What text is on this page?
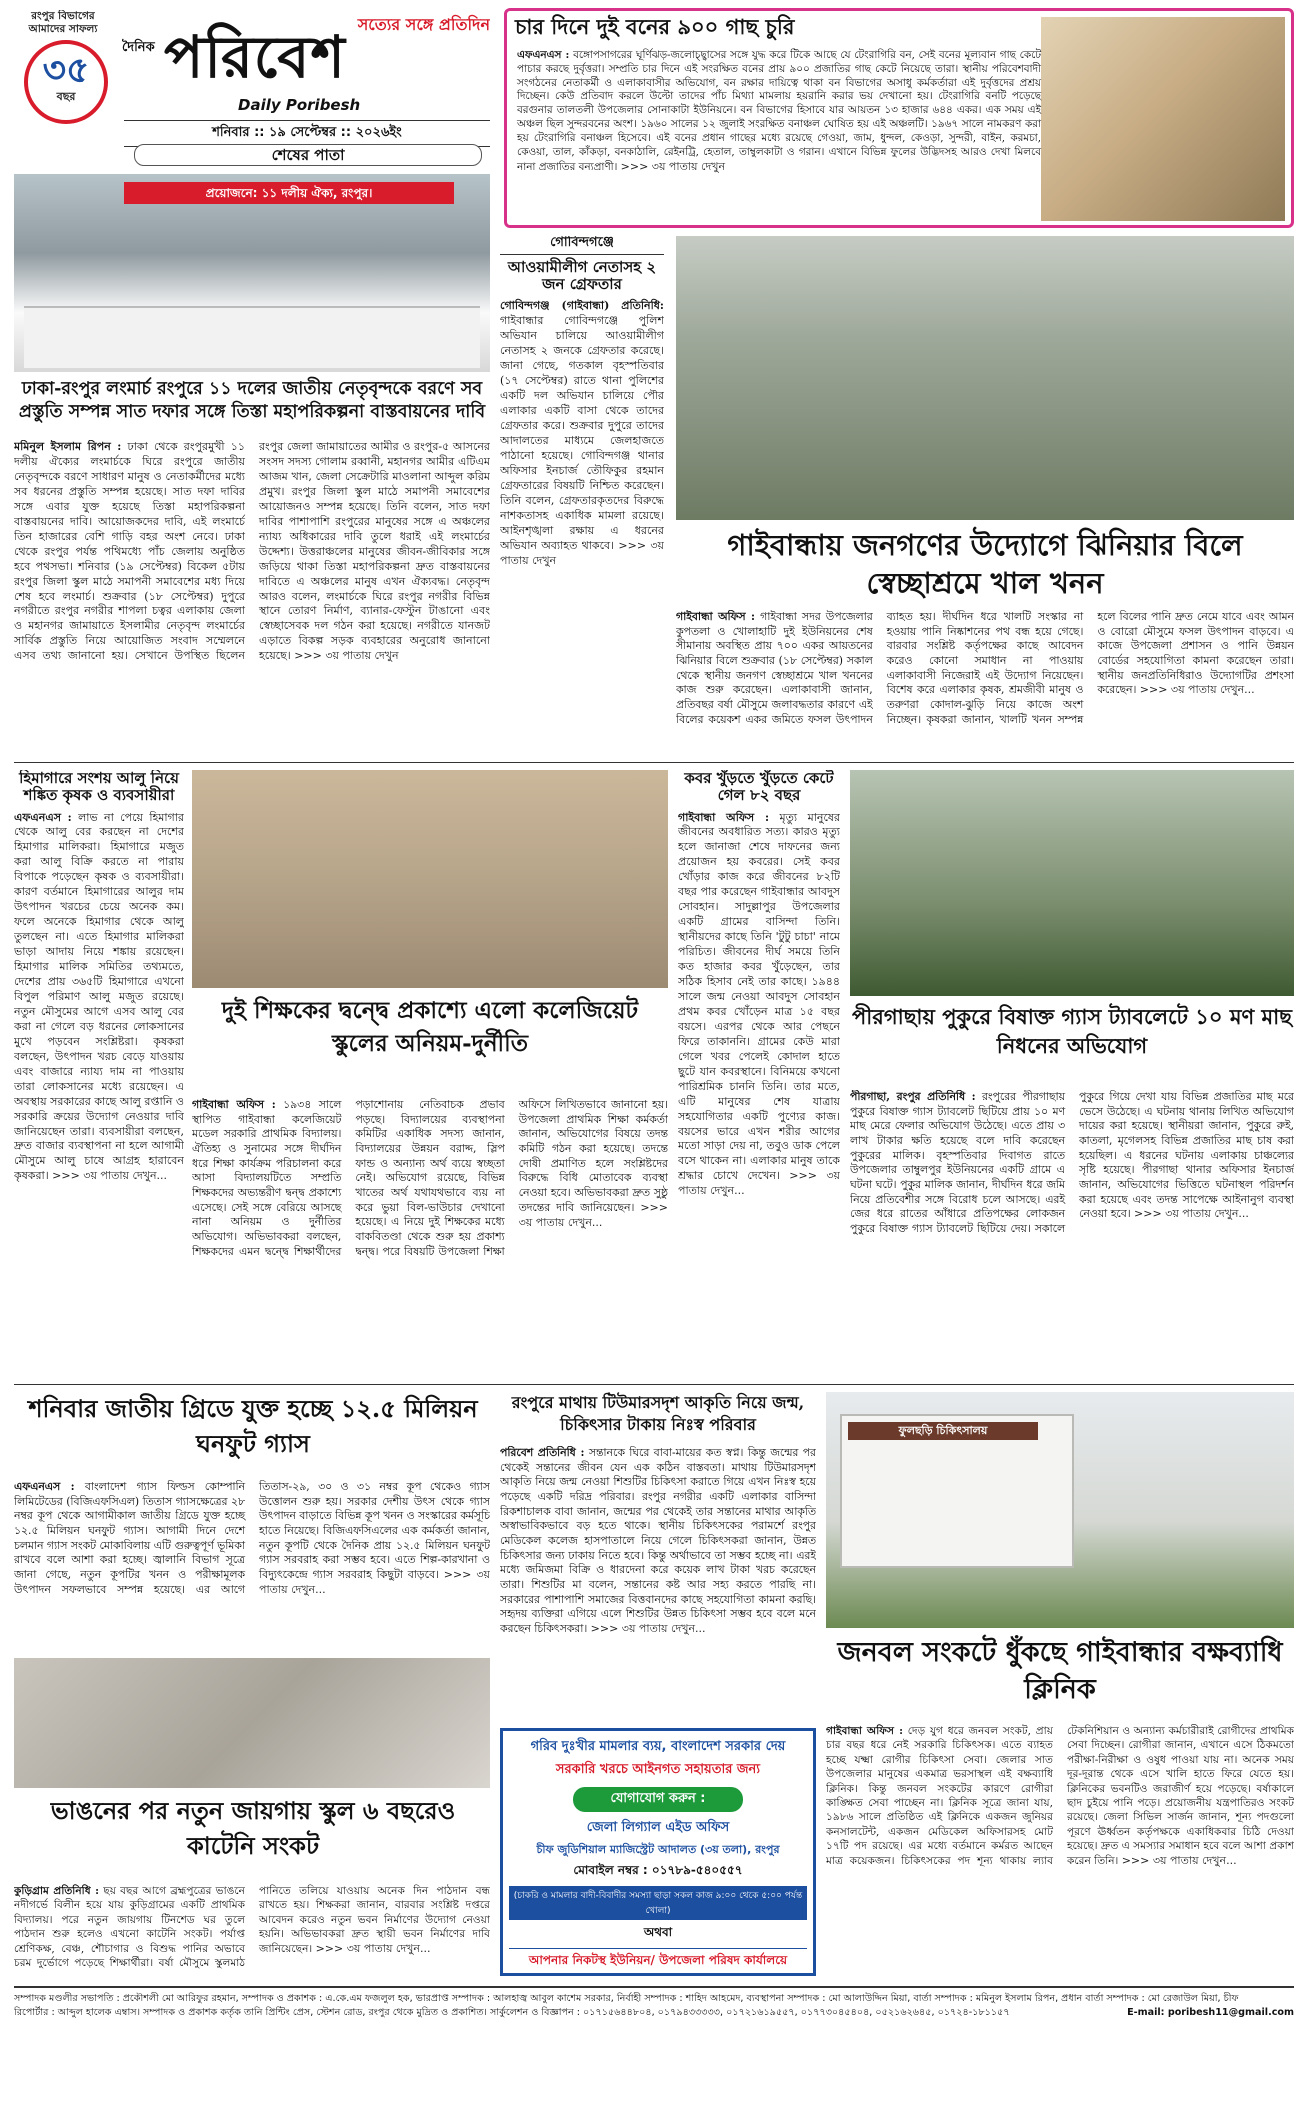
রংপুর বিভাগের আমাদের সাফল্য
৩৫
বছর
সত্যের সঙ্গে প্রতিদিন
দৈনিক পরিবেশ
Daily Poribesh
শনিবার :: ১৯ সেপ্টেম্বর :: ২০২৬ইং
শেষের পাতা
চার দিনে দুই বনের ৯০০ গাছ চুরি
এফএনএস : বঙ্গোপসাগরের ঘূর্ণিঝড়-জলোচ্ছ্বাসের সঙ্গে যুদ্ধ করে টিকে আছে যে টেংরাগিরি বন, সেই বনের মূল্যবান গাছ কেটে পাচার করছে দুর্বৃত্তরা। সম্প্রতি চার দিনে এই সংরক্ষিত বনের প্রায় ৯০০ প্রজাতির গাছ কেটে নিয়েছে তারা। স্থানীয় পরিবেশবাদী সংগঠনের নেতাকর্মী ও এলাকাবাসীর অভিযোগ, বন রক্ষার দায়িত্বে থাকা বন বিভাগের অসাধু কর্মকর্তারা এই দুর্বৃত্তদের প্রশ্রয় দিচ্ছেন। কেউ প্রতিবাদ করলে উল্টো তাদের পাঁচ মিথ্যা মামলায় হয়রানি করার ভয় দেখানো হয়। টেংরাগিরি বনটি পড়েছে বরগুনার তালতলী উপজেলার সোনাকাটা ইউনিয়নে। বন বিভাগের হিসাবে যার আয়তন ১৩ হাজার ৬৪৪ একর। এক সময় এই অঞ্চল ছিল সুন্দরবনের অংশ। ১৯৬০ সালের ১২ জুলাই সংরক্ষিত বনাঞ্চল ঘোষিত হয় এই অঞ্চলটি। ১৯৬৭ সালে নামকরণ করা হয় টেংরাগিরি বনাঞ্চল হিসেবে। এই বনের প্রধান গাছের মধ্যে রয়েছে গেওয়া, জাম, ধুন্দল, কেওড়া, সুন্দরী, বাইন, করমচা, কেওয়া, তাল, কাঁকড়া, বনকাঠালি, রেইনট্রি, হেতাল, তাম্বুলকাটা ও গরান। এখানে বিভিন্ন ফুলের উদ্ভিদসহ আরও দেখা মিলবে নানা প্রজাতির বন্যপ্রাণী। >>> ৩য় পাতায় দেখুন
প্রয়োজনে: ১১ দলীয় ঐক্য, রংপুর।
ঢাকা-রংপুর লংমার্চ রংপুরে ১১ দলের জাতীয় নেতৃবৃন্দকে বরণে সব প্রস্তুতি সম্পন্ন সাত দফার সঙ্গে তিস্তা মহাপরিকল্পনা বাস্তবায়নের দাবি
মমিনুল ইসলাম রিপন : ঢাকা থেকে রংপুরমুখী ১১ দলীয় ঐক্যের লংমার্চকে ঘিরে রংপুরে জাতীয় নেতৃবৃন্দকে বরণে সাধারণ মানুষ ও নেতাকর্মীদের মধ্যে সব ধরনের প্রস্তুতি সম্পন্ন হয়েছে। সাত দফা দাবির সঙ্গে এবার যুক্ত হয়েছে তিস্তা মহাপরিকল্পনা বাস্তবায়নের দাবি। আয়োজকদের দাবি, এই লংমার্চে তিন হাজারের বেশি গাড়ি বহর অংশ নেবে। ঢাকা থেকে রংপুর পর্যন্ত পথিমধ্যে পাঁচ জেলায় অনুষ্ঠিত হবে পথসভা। শনিবার (১৯ সেপ্টেম্বর) বিকেল ৫টায় রংপুর জিলা স্কুল মাঠে সমাপনী সমাবেশের মধ্য দিয়ে শেষ হবে লংমার্চ। শুক্রবার (১৮ সেপ্টেম্বর) দুপুরে নগরীতে রংপুর নগরীর শাপলা চত্বর এলাকায় জেলা ও মহানগর জামায়াতে ইসলামীর নেতৃবৃন্দ লংমার্চের সার্বিক প্রস্তুতি নিয়ে আয়োজিত সংবাদ সম্মেলনে এসব তথ্য জানানো হয়। সেখানে উপস্থিত ছিলেন রংপুর জেলা জামায়াতের আমীর ও রংপুর-৫ আসনের সংসদ সদস্য গোলাম রব্বানী, মহানগর আমীর এটিএম আজম খান, জেলা সেক্রেটারি মাওলানা আব্দুল করিম প্রমুখ। রংপুর জিলা স্কুল মাঠে সমাপনী সমাবেশের আয়োজনও সম্পন্ন হয়েছে। তিনি বলেন, সাত দফা দাবির পাশাপাশি রংপুরের মানুষের সঙ্গে এ অঞ্চলের ন্যায্য অধিকারের দাবি তুলে ধরাই এই লংমার্চের উদ্দেশ্য। উত্তরাঞ্চলের মানুষের জীবন-জীবিকার সঙ্গে জড়িয়ে থাকা তিস্তা মহাপরিকল্পনা দ্রুত বাস্তবায়নের দাবিতে এ অঞ্চলের মানুষ এখন ঐক্যবদ্ধ। নেতৃবৃন্দ আরও বলেন, লংমার্চকে ঘিরে রংপুর নগরীর বিভিন্ন স্থানে তোরণ নির্মাণ, ব্যানার-ফেস্টুন টাঙানো এবং স্বেচ্ছাসেবক দল গঠন করা হয়েছে। নগরীতে যানজট এড়াতে বিকল্প সড়ক ব্যবহারের অনুরোধ জানানো হয়েছে। >>> ৩য় পাতায় দেখুন
গোবিন্দগঞ্জে
আওয়ামীলীগ নেতাসহ ২ জন গ্রেফতার
গোবিন্দগঞ্জ (গাইবান্ধা) প্রতিনিধি: গাইবান্ধার গোবিন্দগঞ্জে পুলিশ অভিযান চালিয়ে আওয়ামীলীগ নেতাসহ ২ জনকে গ্রেফতার করেছে। জানা গেছে, গতকাল বৃহস্পতিবার (১৭ সেপ্টেম্বর) রাতে থানা পুলিশের একটি দল অভিযান চালিয়ে পৌর এলাকার একটি বাসা থেকে তাদের গ্রেফতার করে। শুক্রবার দুপুরে তাদের আদালতের মাধ্যমে জেলহাজতে পাঠানো হয়েছে। গোবিন্দগঞ্জ থানার অফিসার ইনচার্জ তৌফিকুর রহমান গ্রেফতারের বিষয়টি নিশ্চিত করেছেন। তিনি বলেন, গ্রেফতারকৃতদের বিরুদ্ধে নাশকতাসহ একাধিক মামলা রয়েছে। আইনশৃঙ্খলা রক্ষায় এ ধরনের অভিযান অব্যাহত থাকবে। >>> ৩য় পাতায় দেখুন	গাইবান্ধায় জনগণের উদ্যোগে ঝিনিয়ার বিলে স্বেচ্ছাশ্রমে খাল খনন
গাইবান্ধা অফিস : গাইবান্ধা সদর উপজেলার কুপতলা ও খোলাহাটি দুই ইউনিয়নের শেষ সীমানায় অবস্থিত প্রায় ৭০০ একর আয়তনের ঝিনিয়ার বিলে শুক্রবার (১৮ সেপ্টেম্বর) সকাল থেকে স্থানীয় জনগণ স্বেচ্ছাশ্রমে খাল খননের কাজ শুরু করেছেন। এলাকাবাসী জানান, প্রতিবছর বর্ষা মৌসুমে জলাবদ্ধতার কারণে এই বিলের কয়েকশ একর জমিতে ফসল উৎপাদন ব্যাহত হয়। দীর্ঘদিন ধরে খালটি সংস্কার না হওয়ায় পানি নিষ্কাশনের পথ বন্ধ হয়ে গেছে। বারবার সংশ্লিষ্ট কর্তৃপক্ষের কাছে আবেদন করেও কোনো সমাধান না পাওয়ায় এলাকাবাসী নিজেরাই এই উদ্যোগ নিয়েছেন। বিশেষ করে এলাকার কৃষক, শ্রমজীবী মানুষ ও তরুণরা কোদাল-ঝুড়ি নিয়ে কাজে অংশ নিচ্ছেন। কৃষকরা জানান, খালটি খনন সম্পন্ন হলে বিলের পানি দ্রুত নেমে যাবে এবং আমন ও বোরো মৌসুমে ফসল উৎপাদন বাড়বে। এ কাজে উপজেলা প্রশাসন ও পানি উন্নয়ন বোর্ডের সহযোগিতা কামনা করেছেন তারা। স্থানীয় জনপ্রতিনিধিরাও উদ্যোগটির প্রশংসা করেছেন। >>> ৩য় পাতায় দেখুন...
হিমাগারে সংশয় আলু নিয়ে শঙ্কিত কৃষক ও ব্যবসায়ীরা
এফএনএস : লাভ না পেয়ে হিমাগার থেকে আলু বের করছেন না দেশের হিমাগার মালিকরা। হিমাগারে মজুত করা আলু বিক্রি করতে না পারায় বিপাকে পড়েছেন কৃষক ও ব্যবসায়ীরা। কারণ বর্তমানে হিমাগারের আলুর দাম উৎপাদন খরচের চেয়ে অনেক কম। ফলে অনেকে হিমাগার থেকে আলু তুলছেন না। এতে হিমাগার মালিকরা ভাড়া আদায় নিয়ে শঙ্কায় রয়েছেন। হিমাগার মালিক সমিতির তথ্যমতে, দেশের প্রায় ৩৬৫টি হিমাগারে এখনো বিপুল পরিমাণ আলু মজুত রয়েছে। নতুন মৌসুমের আগে এসব আলু বের করা না গেলে বড় ধরনের লোকসানের মুখে পড়বেন সংশ্লিষ্টরা। কৃষকরা বলছেন, উৎপাদন খরচ বেড়ে যাওয়ায় এবং বাজারে ন্যায্য দাম না পাওয়ায় তারা লোকসানের মধ্যে রয়েছেন। এ অবস্থায় সরকারের কাছে আলু রপ্তানি ও সরকারি ক্রয়ের উদ্যোগ নেওয়ার দাবি জানিয়েছেন তারা। ব্যবসায়ীরা বলছেন, দ্রুত বাজার ব্যবস্থাপনা না হলে আগামী মৌসুমে আলু চাষে আগ্রহ হারাবেন কৃষকরা। >>> ৩য় পাতায় দেখুন...
দুই শিক্ষকের দ্বন্দ্বে প্রকাশ্যে এলো কলেজিয়েট স্কুলের অনিয়ম-দুর্নীতি
গাইবান্ধা অফিস : ১৯৩৪ সালে স্থাপিত গাইবান্ধা কলেজিয়েট মডেল সরকারি প্রাথমিক বিদ্যালয়। ঐতিহ্য ও সুনামের সঙ্গে দীর্ঘদিন ধরে শিক্ষা কার্যক্রম পরিচালনা করে আসা বিদ্যালয়টিতে সম্প্রতি শিক্ষকদের অভ্যন্তরীণ দ্বন্দ্ব প্রকাশ্যে এসেছে। সেই সঙ্গে বেরিয়ে আসছে নানা অনিয়ম ও দুর্নীতির অভিযোগ। অভিভাবকরা বলছেন, শিক্ষকদের এমন দ্বন্দ্বে শিক্ষার্থীদের পড়াশোনায় নেতিবাচক প্রভাব পড়ছে। বিদ্যালয়ের ব্যবস্থাপনা কমিটির একাধিক সদস্য জানান, বিদ্যালয়ের উন্নয়ন বরাদ্দ, স্লিপ ফান্ড ও অন্যান্য অর্থ ব্যয়ে স্বচ্ছতা নেই। অভিযোগ রয়েছে, বিভিন্ন খাতের অর্থ যথাযথভাবে ব্যয় না করে ভুয়া বিল-ভাউচার দেখানো হয়েছে। এ নিয়ে দুই শিক্ষকের মধ্যে বাকবিতণ্ডা থেকে শুরু হয় প্রকাশ্য দ্বন্দ্ব। পরে বিষয়টি উপজেলা শিক্ষা অফিসে লিখিতভাবে জানানো হয়। উপজেলা প্রাথমিক শিক্ষা কর্মকর্তা জানান, অভিযোগের বিষয়ে তদন্ত কমিটি গঠন করা হয়েছে। তদন্তে দোষী প্রমাণিত হলে সংশ্লিষ্টদের বিরুদ্ধে বিধি মোতাবেক ব্যবস্থা নেওয়া হবে। অভিভাবকরা দ্রুত সুষ্ঠু তদন্তের দাবি জানিয়েছেন। >>> ৩য় পাতায় দেখুন...
কবর খুঁড়তে খুঁড়তে কেটে গেল ৮২ বছর
গাইবান্ধা অফিস : মৃত্যু মানুষের জীবনের অবধারিত সত্য। কারও মৃত্যু হলে জানাজা শেষে দাফনের জন্য প্রয়োজন হয় কবরের। সেই কবর খোঁড়ার কাজ করে জীবনের ৮২টি বছর পার করেছেন গাইবান্ধার আবদুস সোবহান। সাদুল্লাপুর উপজেলার একটি গ্রামের বাসিন্দা তিনি। স্থানীয়দের কাছে তিনি 'টুটু চাচা' নামে পরিচিত। জীবনের দীর্ঘ সময়ে তিনি কত হাজার কবর খুঁড়েছেন, তার সঠিক হিসাব নেই তার কাছে। ১৯৪৪ সালে জন্ম নেওয়া আবদুস সোবহান প্রথম কবর খোঁড়েন মাত্র ১৫ বছর বয়সে। এরপর থেকে আর পেছনে ফিরে তাকাননি। গ্রামের কেউ মারা গেলে খবর পেলেই কোদাল হাতে ছুটে যান কবরস্থানে। বিনিময়ে কখনো পারিশ্রমিক চাননি তিনি। তার মতে, এটি মানুষের শেষ যাত্রায় সহযোগিতার একটি পুণ্যের কাজ। বয়সের ভারে এখন শরীর আগের মতো সাড়া দেয় না, তবুও ডাক পেলে বসে থাকেন না। এলাকার মানুষ তাকে শ্রদ্ধার চোখে দেখেন। >>> ৩য় পাতায় দেখুন...
পীরগাছায় পুকুরে বিষাক্ত গ্যাস ট্যাবলেটে ১০ মণ মাছ নিধনের অভিযোগ
পীরগাছা, রংপুর প্রতিনিধি : রংপুরের পীরগাছায় পুকুরে বিষাক্ত গ্যাস ট্যাবলেট ছিটিয়ে প্রায় ১০ মণ মাছ মেরে ফেলার অভিযোগ উঠেছে। এতে প্রায় ৩ লাখ টাকার ক্ষতি হয়েছে বলে দাবি করেছেন পুকুরের মালিক। বৃহস্পতিবার দিবাগত রাতে উপজেলার তাম্বুলপুর ইউনিয়নের একটি গ্রামে এ ঘটনা ঘটে। পুকুর মালিক জানান, দীর্ঘদিন ধরে জমি নিয়ে প্রতিবেশীর সঙ্গে বিরোধ চলে আসছে। এরই জের ধরে রাতের আঁধারে প্রতিপক্ষের লোকজন পুকুরে বিষাক্ত গ্যাস ট্যাবলেট ছিটিয়ে দেয়। সকালে পুকুরে গিয়ে দেখা যায় বিভিন্ন প্রজাতির মাছ মরে ভেসে উঠেছে। এ ঘটনায় থানায় লিখিত অভিযোগ দায়ের করা হয়েছে। স্থানীয়রা জানান, পুকুরে রুই, কাতলা, মৃগেলসহ বিভিন্ন প্রজাতির মাছ চাষ করা হয়েছিল। এ ধরনের ঘটনায় এলাকায় চাঞ্চল্যের সৃষ্টি হয়েছে। পীরগাছা থানার অফিসার ইনচার্জ জানান, অভিযোগের ভিত্তিতে ঘটনাস্থল পরিদর্শন করা হয়েছে এবং তদন্ত সাপেক্ষে আইনানুগ ব্যবস্থা নেওয়া হবে। >>> ৩য় পাতায় দেখুন...
শনিবার জাতীয় গ্রিডে যুক্ত হচ্ছে ১২.৫ মিলিয়ন ঘনফুট গ্যাস
এফএনএস : বাংলাদেশ গ্যাস ফিল্ডস কোম্পানি লিমিটেডের (বিজিএফসিএল) তিতাস গ্যাসক্ষেত্রের ২৮ নম্বর কূপ থেকে আগামীকাল জাতীয় গ্রিডে যুক্ত হচ্ছে ১২.৫ মিলিয়ন ঘনফুট গ্যাস। আগামী দিনে দেশে চলমান গ্যাস সংকট মোকাবিলায় এটি গুরুত্বপূর্ণ ভূমিকা রাখবে বলে আশা করা হচ্ছে। জ্বালানি বিভাগ সূত্রে জানা গেছে, নতুন কূপটির খনন ও পরীক্ষামূলক উৎপাদন সফলভাবে সম্পন্ন হয়েছে। এর আগে তিতাস-২৯, ৩০ ও ৩১ নম্বর কূপ থেকেও গ্যাস উত্তোলন শুরু হয়। সরকার দেশীয় উৎস থেকে গ্যাস উৎপাদন বাড়াতে বিভিন্ন কূপ খনন ও সংস্কারের কর্মসূচি হাতে নিয়েছে। বিজিএফসিএলের এক কর্মকর্তা জানান, নতুন কূপটি থেকে দৈনিক প্রায় ১২.৫ মিলিয়ন ঘনফুট গ্যাস সরবরাহ করা সম্ভব হবে। এতে শিল্প-কারখানা ও বিদ্যুৎকেন্দ্রে গ্যাস সরবরাহ কিছুটা বাড়বে। >>> ৩য় পাতায় দেখুন...
ভাঙনের পর নতুন জায়গায় স্কুল ৬ বছরেও কাটেনি সংকট
কুড়িগ্রাম প্রতিনিধি : ছয় বছর আগে ব্রহ্মপুত্রের ভাঙনে নদীগর্ভে বিলীন হয়ে যায় কুড়িগ্রামের একটি প্রাথমিক বিদ্যালয়। পরে নতুন জায়গায় টিনশেড ঘর তুলে পাঠদান শুরু হলেও এখনো কাটেনি সংকট। পর্যাপ্ত শ্রেণিকক্ষ, বেঞ্চ, শৌচাগার ও বিশুদ্ধ পানির অভাবে চরম দুর্ভোগে পড়েছে শিক্ষার্থীরা। বর্ষা মৌসুমে স্কুলমাঠ পানিতে তলিয়ে যাওয়ায় অনেক দিন পাঠদান বন্ধ রাখতে হয়। শিক্ষকরা জানান, বারবার সংশ্লিষ্ট দপ্তরে আবেদন করেও নতুন ভবন নির্মাণের উদ্যোগ নেওয়া হয়নি। অভিভাবকরা দ্রুত স্থায়ী ভবন নির্মাণের দাবি জানিয়েছেন। >>> ৩য় পাতায় দেখুন...
রংপুরে মাথায় টিউমারসদৃশ আকৃতি নিয়ে জন্ম, চিকিৎসার টাকায় নিঃস্ব পরিবার
পরিবেশ প্রতিনিধি : সন্তানকে ঘিরে বাবা-মায়ের কত স্বপ্ন। কিন্তু জন্মের পর থেকেই সন্তানের জীবন যেন এক কঠিন বাস্তবতা। মাথায় টিউমারসদৃশ আকৃতি নিয়ে জন্ম নেওয়া শিশুটির চিকিৎসা করাতে গিয়ে এখন নিঃস্ব হয়ে পড়েছে একটি দরিদ্র পরিবার। রংপুর নগরীর একটি এলাকার বাসিন্দা রিকশাচালক বাবা জানান, জন্মের পর থেকেই তার সন্তানের মাথার আকৃতি অস্বাভাবিকভাবে বড় হতে থাকে। স্থানীয় চিকিৎসকের পরামর্শে রংপুর মেডিকেল কলেজ হাসপাতালে নিয়ে গেলে চিকিৎসকরা জানান, উন্নত চিকিৎসার জন্য ঢাকায় নিতে হবে। কিন্তু অর্থাভাবে তা সম্ভব হচ্ছে না। এরই মধ্যে জমিজমা বিক্রি ও ধারদেনা করে কয়েক লাখ টাকা খরচ করেছেন তারা। শিশুটির মা বলেন, সন্তানের কষ্ট আর সহ্য করতে পারছি না। সরকারের পাশাপাশি সমাজের বিত্তবানদের কাছে সহযোগিতা কামনা করছি। সহৃদয় ব্যক্তিরা এগিয়ে এলে শিশুটির উন্নত চিকিৎসা সম্ভব হবে বলে মনে করছেন চিকিৎসকরা। >>> ৩য় পাতায় দেখুন...
গরিব দুঃখীর মামলার ব্যয়, বাংলাদেশ সরকার দেয়
সরকারি খরচে আইনগত সহায়তার জন্য
যোগাযোগ করুন :
জেলা লিগ্যাল এইড অফিস
চীফ জুডিশিয়াল ম্যাজিস্ট্রেট আদালত (৩য় তলা), রংপুর
মোবাইল নম্বর : ০১৭৮৯-৫৪০৫৫৭
(চাকরি ও মামলার বাদী-বিবাদীর সমস্যা ছাড়া সকল কাজ ৯:০০ থেকে ৫:০০ পর্যন্ত খোলা)
অথবা
আপনার নিকটস্থ ইউনিয়ন/ উপজেলা পরিষদ কার্যালয়ে
ফুলছড়ি চিকিৎসালয়
জনবল সংকটে ধুঁকছে গাইবান্ধার বক্ষব্যাধি ক্লিনিক
গাইবান্ধা অফিস : দেড় যুগ ধরে জনবল সংকট, প্রায় চার বছর ধরে নেই সরকারি চিকিৎসক। এতে ব্যাহত হচ্ছে যক্ষ্মা রোগীর চিকিৎসা সেবা। জেলার সাত উপজেলার মানুষের একমাত্র ভরসাস্থল এই বক্ষব্যাধি ক্লিনিক। কিন্তু জনবল সংকটের কারণে রোগীরা কাঙ্ক্ষিত সেবা পাচ্ছেন না। ক্লিনিক সূত্রে জানা যায়, ১৯৮৬ সালে প্রতিষ্ঠিত এই ক্লিনিকে একজন জুনিয়র কনসালটেন্ট, একজন মেডিকেল অফিসারসহ মোট ১৭টি পদ রয়েছে। এর মধ্যে বর্তমানে কর্মরত আছেন মাত্র কয়েকজন। চিকিৎসকের পদ শূন্য থাকায় ল্যাব টেকনিশিয়ান ও অন্যান্য কর্মচারীরাই রোগীদের প্রাথমিক সেবা দিচ্ছেন। রোগীরা জানান, এখানে এসে ঠিকমতো পরীক্ষা-নিরীক্ষা ও ওষুধ পাওয়া যায় না। অনেক সময় দূর-দূরান্ত থেকে এসে খালি হাতে ফিরে যেতে হয়। ক্লিনিকের ভবনটিও জরাজীর্ণ হয়ে পড়েছে। বর্ষাকালে ছাদ চুইয়ে পানি পড়ে। প্রয়োজনীয় যন্ত্রপাতিরও সংকট রয়েছে। জেলা সিভিল সার্জন জানান, শূন্য পদগুলো পূরণে ঊর্ধ্বতন কর্তৃপক্ষকে একাধিকবার চিঠি দেওয়া হয়েছে। দ্রুত এ সমস্যার সমাধান হবে বলে আশা প্রকাশ করেন তিনি। >>> ৩য় পাতায় দেখুন...
সম্পাদক মণ্ডলীর সভাপতি : প্রকৌশলী মো আরিফুর রহমান, সম্পাদক ও প্রকাশক : এ.কে.এম ফজলুল হক, ভারপ্রাপ্ত সম্পাদক : আলহাজ্ব আবুল কাশেম সরকার, নির্বাহী সম্পাদক : শাহিদ আহমেদ, ব্যবস্থাপনা সম্পাদক : মো আলাউদ্দিন মিয়া, বার্তা সম্পাদক : মমিনুল ইসলাম রিপন, প্রধান বার্তা সম্পাদক : মো রেজাউল মিয়া, চীফ
রিপোর্টার : আব্দুল হালেক এম্বাস। সম্পাদক ও প্রকাশক কর্তৃক তানি প্রিন্টিং প্রেস, স্টেশন রোড, রংপুর থেকে মুদ্রিত ও প্রকাশিত। সার্কুলেশন ও বিজ্ঞাপন : ০১৭১৫৬৪৪৮০৪, ০১৭৯৪৩৩৩৩৩, ০১৭২১৬১৯৫৫৭, ০১৭৭৩০৪৫৪০৪, ০৫২১৬২৬৪৫, ০১৭২৪-১৮১১৫৭	E-mail: poribesh11@gmail.com
